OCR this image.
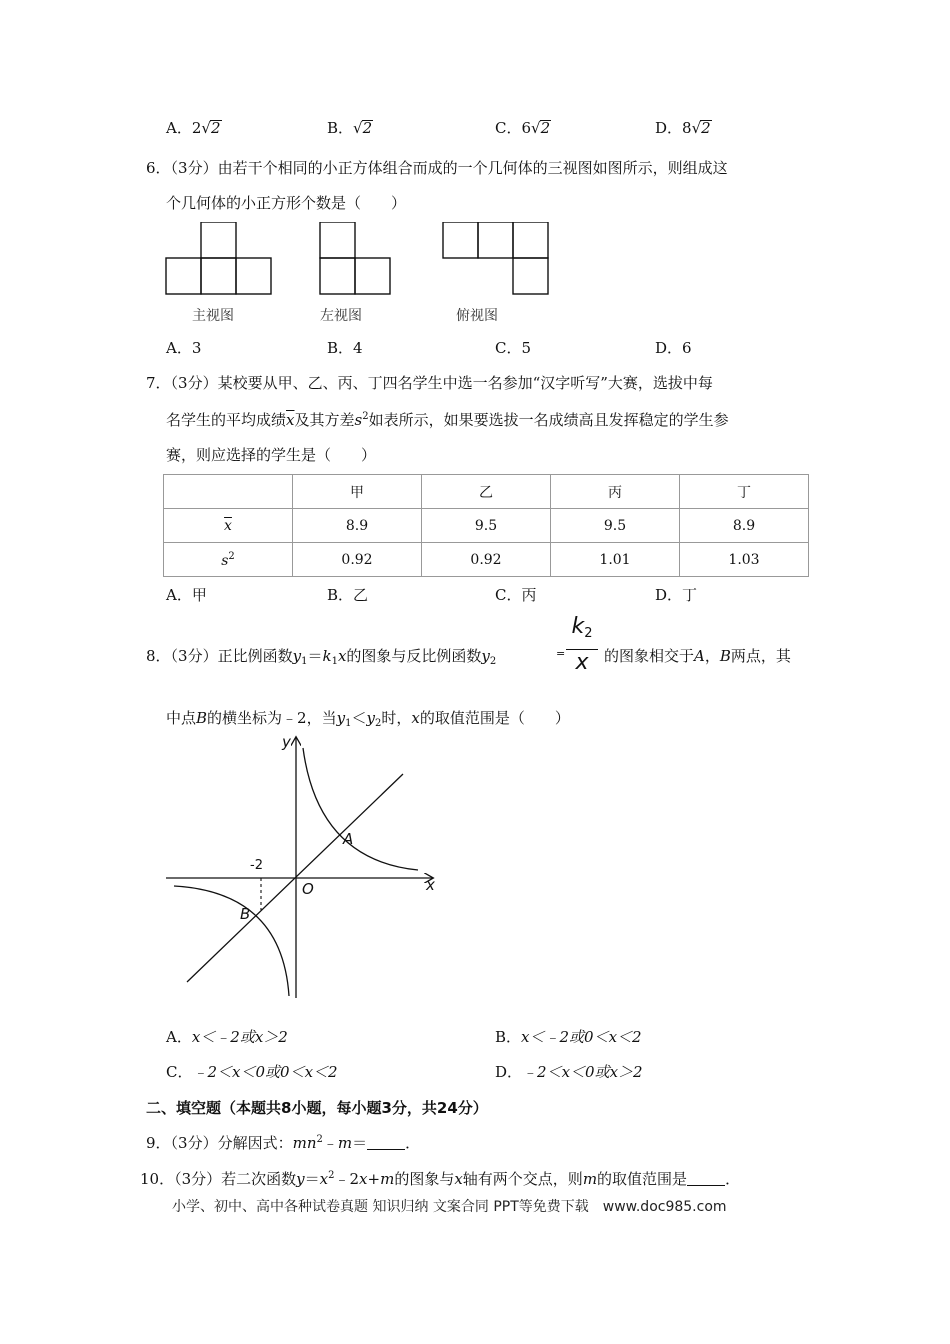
A．2√2	B．√2	C．6√2	D．8√2
6．（3分）由若干个相同的小正方体组合而成的一个几何体的三视图如图所示，则组成这
个几何体的小正方形个数是（　　）
主视图	左视图	俯视图
A．3	B．4	C．5	D．6
7．（3分）某校要从甲、乙、丙、丁四名学生中选一名参加“汉字听写”大赛，选拔中每
名学生的平均成绩$\overline{x}$及其方差$s^2$如表所示，如果要选拔一名成绩高且发挥稳定的学生参
赛，则应选择的学生是（　　）
	甲	乙	丙	丁
$\overline{x}$	8.9	9.5	9.5	8.9
$s^2$	0.92	0.92	1.01	1.03
A．甲	B．乙	C．丙	D．丁
8．（3分）正比例函数$y_1=k_1x$的图象与反比例函数$y_2$
=
k2
x	的图象相交于A，B两点，其
中点B的横坐标为﹣2，当$y_1<y_2$时，x的取值范围是（　　）
y
x
O
-2
A
B
A．x＜﹣2或x＞2	B．x＜﹣2或0＜x＜2
C．﹣2＜x＜0或0＜x＜2	D．﹣2＜x＜0或x＞2
二、填空题（本题共8小题，每小题3分，共24分）
9．（3分）分解因式：$mn^2﹣m=$	．
10．（3分）若二次函数$y=x^2﹣2x+m$的图象与x轴有两个交点，则m的取值范围是	．
小学、初中、高中各种试卷真题 知识归纳 文案合同 PPT等免费下载　www.doc985.com
